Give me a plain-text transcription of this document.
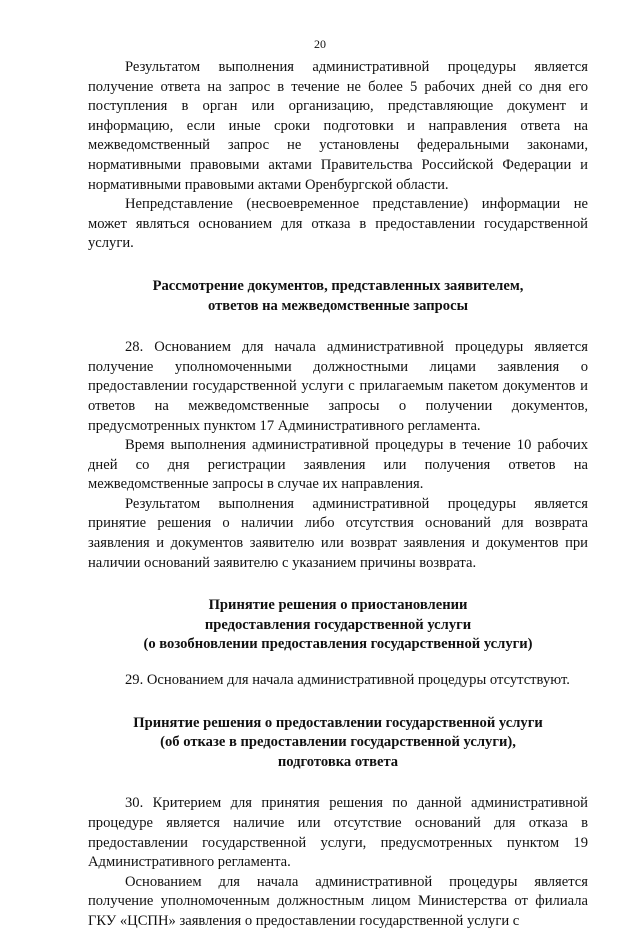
20

Результатом выполнения административной процедуры является получение ответа на запрос в течение не более 5 рабочих дней со дня его поступления в орган или организацию, представляющие документ и информацию, если иные сроки подготовки и направления ответа на межведомственный запрос не установлены федеральными законами, нормативными правовыми актами Правительства Российской Федерации и нормативными правовыми актами Оренбургской области.

Непредставление (несвоевременное представление) информации не может являться основанием для отказа в предоставлении государственной услуги.

Рассмотрение документов, представленных заявителем,
ответов на межведомственные запросы

28. Основанием для начала административной процедуры является получение уполномоченными должностными лицами заявления о предоставлении государственной услуги с прилагаемым пакетом документов и ответов на межведомственные запросы о получении документов, предусмотренных пунктом 17 Административного регламента.

Время выполнения административной процедуры в течение 10 рабочих дней со дня регистрации заявления или получения ответов на межведомственные запросы в случае их направления.

Результатом выполнения административной процедуры является принятие решения о наличии либо отсутствия оснований для возврата заявления и документов заявителю или возврат заявления и документов при наличии оснований заявителю с указанием причины возврата.

Принятие решения о приостановлении
предоставления государственной услуги
(о возобновлении предоставления государственной услуги)

29. Основанием для начала административной процедуры отсутствуют.

Принятие решения о предоставлении государственной услуги
(об отказе в предоставлении государственной услуги),
подготовка ответа

30. Критерием для принятия решения по данной административной процедуре является наличие или отсутствие оснований для отказа в предоставлении государственной услуги, предусмотренных пунктом 19 Административного регламента.

Основанием для начала административной процедуры является получение уполномоченным должностным лицом Министерства от филиала ГКУ «ЦСПН» заявления о предоставлении государственной услуги с
